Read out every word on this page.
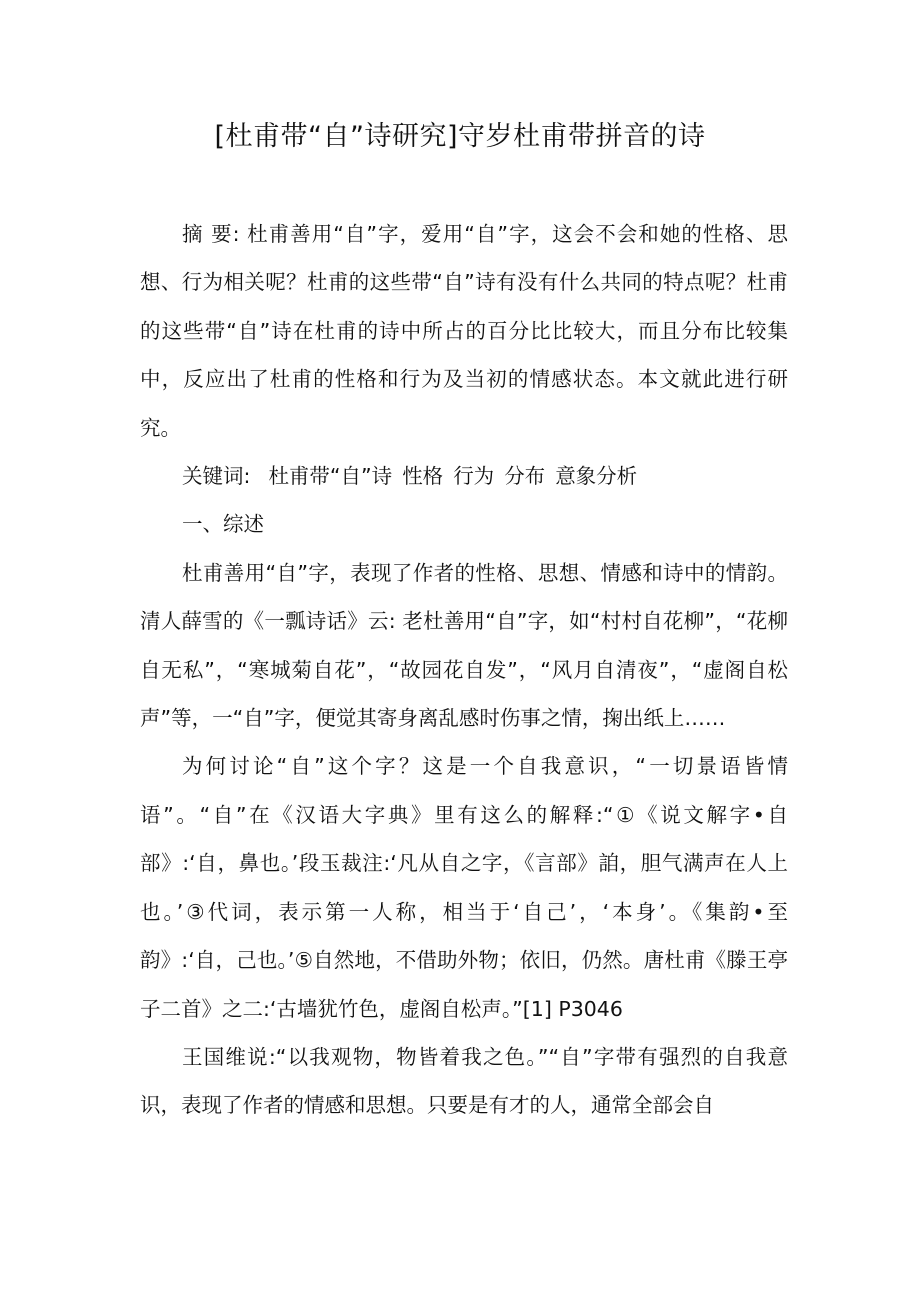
[杜甫带“自”诗研究]守岁杜甫带拼音的诗

摘 要: 杜甫善用“自”字，爱用“自”字，这会不会和她的性格、思想、行为相关呢？杜甫的这些带“自”诗有没有什么共同的特点呢？杜甫的这些带“自”诗在杜甫的诗中所占的百分比比较大，而且分布比较集中，反应出了杜甫的性格和行为及当初的情感状态。本文就此进行研究。

关键词: 杜甫带“自”诗 性格 行为 分布 意象分析

一、综述

杜甫善用“自”字，表现了作者的性格、思想、情感和诗中的情韵。清人薛雪的《一瓢诗话》云: 老杜善用“自”字，如“村村自花柳”，“花柳自无私”，“寒城菊自花”，“故园花自发”，“风月自清夜”，“虚阁自松声”等，一“自”字，便觉其寄身离乱感时伤事之情，掬出纸上……

为何讨论“自”这个字？这是一个自我意识，“一切景语皆情语”。“自”在《汉语大字典》里有这么的解释:“①《说文解字•自部》:‘自，鼻也。’段玉裁注:‘凡从自之字，《言部》詯，胆气满声在人上也。’③代词，表示第一人称，相当于‘自己’，‘本身’。《集韵•至韵》:‘自，己也。’⑤自然地，不借助外物；依旧，仍然。唐杜甫《滕王亭子二首》之二:‘古墙犹竹色，虚阁自松声。”[1] P3046

王国维说:“以我观物，物皆着我之色。”“自”字带有强烈的自我意识，表现了作者的情感和思想。只要是有才的人，通常全部会自
